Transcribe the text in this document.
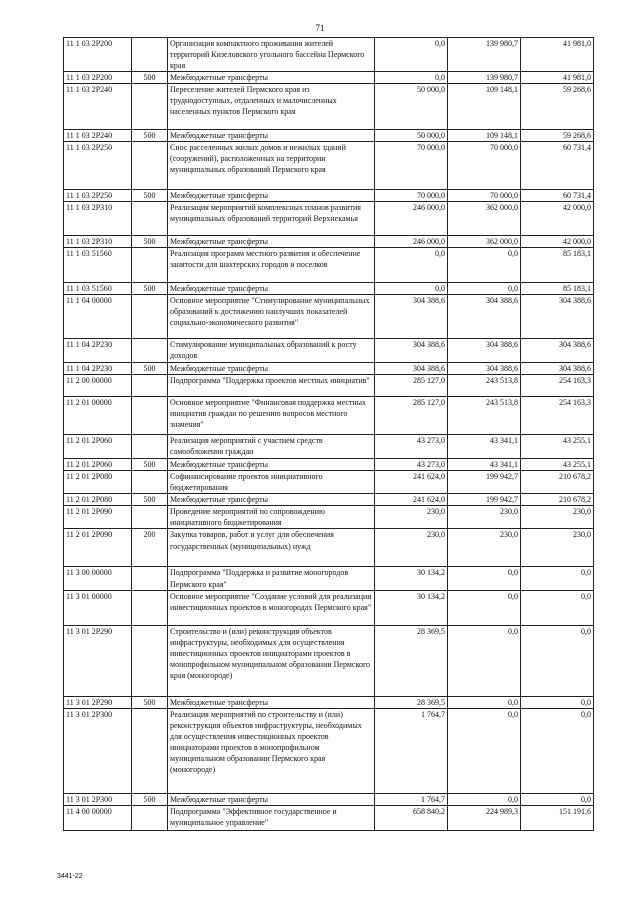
71
11 1 03 2Р200		Организация компактного проживания жителей территорий Кизеловского угольного бассейна Пермского края	0,0	139 980,7	41 981,0
11 1 03 2Р200	500	Межбюджетные трансферты	0,0	139 980,7	41 981,0
11 1 03 2Р240		Переселение жителей Пермского края из труднодоступных, отдаленных и малочисленных населенных пунктов Пермского края	50 000,0	109 148,1	59 268,6
11 1 03 2Р240	500	Межбюджетные трансферты	50 000,0	109 148,1	59 268,6
11 1 03 2Р250		Снос расселенных жилых домов и нежилых зданий (сооружений), расположенных на территории муниципальных образований Пермского края	70 000,0	70 000,0	60 731,4
11 1 03 2Р250	500	Межбюджетные трансферты	70 000,0	70 000,0	60 731,4
11 1 03 2Р310		Реализация мероприятий комплексных планов развития муниципальных образований территорий Верхнекамья	246 000,0	362 000,0	42 000,0
11 1 03 2Р310	500	Межбюджетные трансферты	246 000,0	362 000,0	42 000,0
11 1 03 51560		Реализация программ местного развития и обеспечение занятости для шахтерских городов и поселков	0,0	0,0	85 183,1
11 1 03 51560	500	Межбюджетные трансферты	0,0	0,0	85 183,1
11 1 04 00000		Основное мероприятие "Стимулирование муниципальных образований к достижению наилучших показателей социально-экономического развития"	304 388,6	304 388,6	304 388,6
11 1 04 2Р230		Стимулирование муниципальных образований к росту доходов	304 388,6	304 388,6	304 388,6
11 1 04 2Р230	500	Межбюджетные трансферты	304 388,6	304 388,6	304 388,6
11 2 00 00000		Подпрограмма "Поддержка проектов местных инициатив"	285 127,0	243 513,8	254 163,3
11 2 01 00000		Основное мероприятие "Финансовая поддержка местных инициатив граждан по решению вопросов местного значения"	285 127,0	243 513,8	254 163,3
11 2 01 2Р060		Реализация мероприятий с участием средств самообложения граждан	43 273,0	43 341,1	43 255,1
11 2 01 2Р060	500	Межбюджетные трансферты	43 273,0	43 341,1	43 255,1
11 2 01 2Р080		Софинансирование проектов инициативного бюджетирования	241 624,0	199 942,7	210 678,2
11 2 01 2Р080	500	Межбюджетные трансферты	241 624,0	199 942,7	210 678,2
11 2 01 2Р090		Проведение мероприятий по сопровождению инициативного бюджетирования	230,0	230,0	230,0
11 2 01 2Р090	200	Закупка товаров, работ и услуг для обеспечения государственных (муниципальных) нужд	230,0	230,0	230,0
11 3 00 00000		Подпрограмма "Поддержка и развитие моногородов Пермского края"	30 134,2	0,0	0,0
11 3 01 00000		Основное мероприятие "Создание условий для реализации инвестиционных проектов в моногородах Пермского края"	30 134,2	0,0	0,0
11 3 01 2Р290		Строительство и (или) реконструкция объектов инфраструктуры, необходимых для осуществления инвестиционных проектов инициаторами проектов в монопрофильном муниципальном образовании Пермского края (моногороде)	28 369,5	0,0	0,0
11 3 01 2Р290	500	Межбюджетные трансферты	28 369,5	0,0	0,0
11 3 01 2Р300		Реализация мероприятий по строительству и (или) реконструкция объектов инфраструктуры, необходимых для осуществления инвестиционных проектов инициаторами проектов в монопрофильном муниципальном образовании Пермского края (моногороде)	1 764,7	0,0	0,0
11 3 01 2Р300	500	Межбюджетные трансферты	1 764,7	0,0	0,0
11 4 00 00000		Подпрограмма "Эффективное государственное и муниципальное управление"	658 840,2	224 989,3	151 191,6
3441-22
